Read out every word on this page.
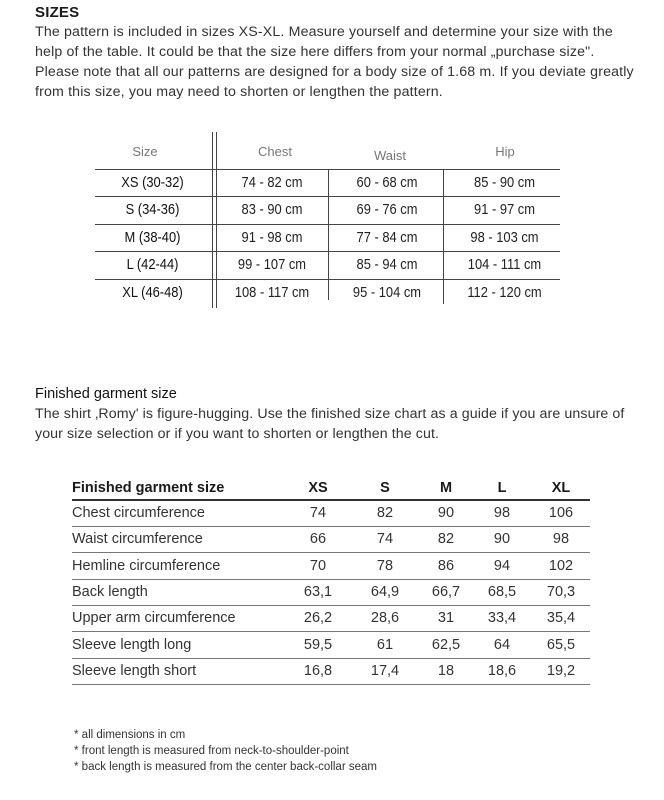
SIZES

The pattern is included in sizes XS-XL. Measure yourself and determine your size with the help of the table. It could be that the size here differs from your normal „purchase size". Please note that all our patterns are designed for a body size of 1.68 m. If you deviate greatly from this size, you may need to shorten or lengthen the pattern.

Size	Chest	Waist	Hip
XS (30-32)	74 - 82 cm	60 - 68 cm	85 - 90 cm
S (34-36)	83 - 90 cm	69 - 76 cm	91 - 97 cm
M (38-40)	91 - 98 cm	77 - 84 cm	98 - 103 cm
L (42-44)	99 - 107 cm	85 - 94 cm	104 - 111 cm
XL (46-48)	108 - 117 cm	95 - 104 cm	112 - 120 cm
Finished garment size

The shirt ‚Romy' is figure-hugging. Use the finished size chart as a guide if you are unsure of your size selection or if you want to shorten or lengthen the cut.

Finished garment size	XS	S	M	L	XL
Chest circumference	74	82	90	98	106
Waist circumference	66	74	82	90	98
Hemline circumference	70	78	86	94	102
Back length	63,1	64,9	66,7	68,5	70,3
Upper arm circumference	26,2	28,6	31	33,4	35,4
Sleeve length long	59,5	61	62,5	64	65,5
Sleeve length short	16,8	17,4	18	18,6	19,2
* all dimensions in cm
* front length is measured from neck-to-shoulder-point
* back length is measured from the center back-collar seam
